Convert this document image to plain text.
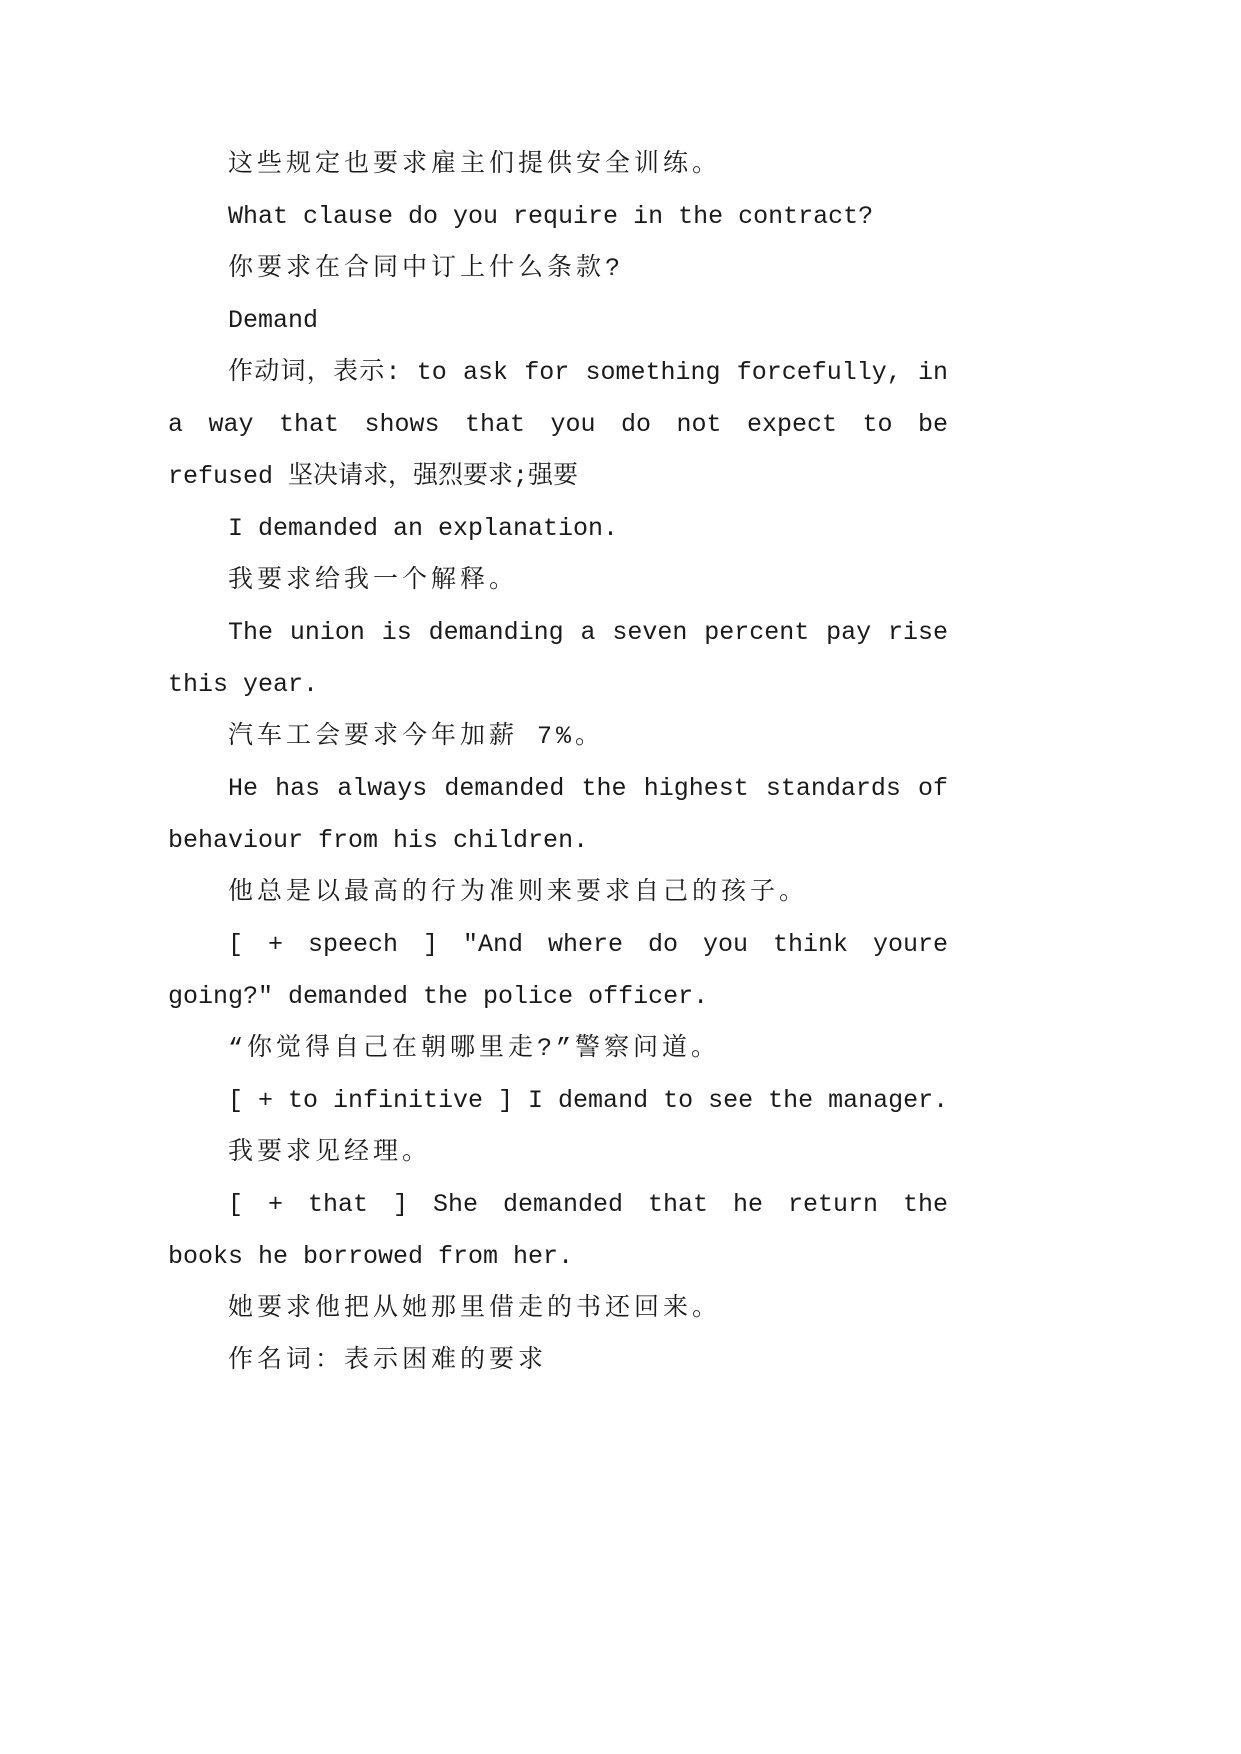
这些规定也要求雇主们提供安全训练。
What clause do you require in the contract?
你要求在合同中订上什么条款?
Demand
作动词，表示: to ask for something forcefully, in
a way that shows that you do not expect to be
refused 坚决请求，强烈要求;强要
I demanded an explanation.
我要求给我一个解释。
The union is demanding a seven percent pay rise
this year.
汽车工会要求今年加薪 7%。
He has always demanded the highest standards of
behaviour from his children.
他总是以最高的行为准则来要求自己的孩子。
[ + speech ] "And where do you think youre
going?" demanded the police officer.
“你觉得自己在朝哪里走?”警察问道。
[ + to infinitive ] I demand to see the manager.
我要求见经理。
[ + that ] She demanded that he return the
books he borrowed from her.
她要求他把从她那里借走的书还回来。
作名词：表示困难的要求
